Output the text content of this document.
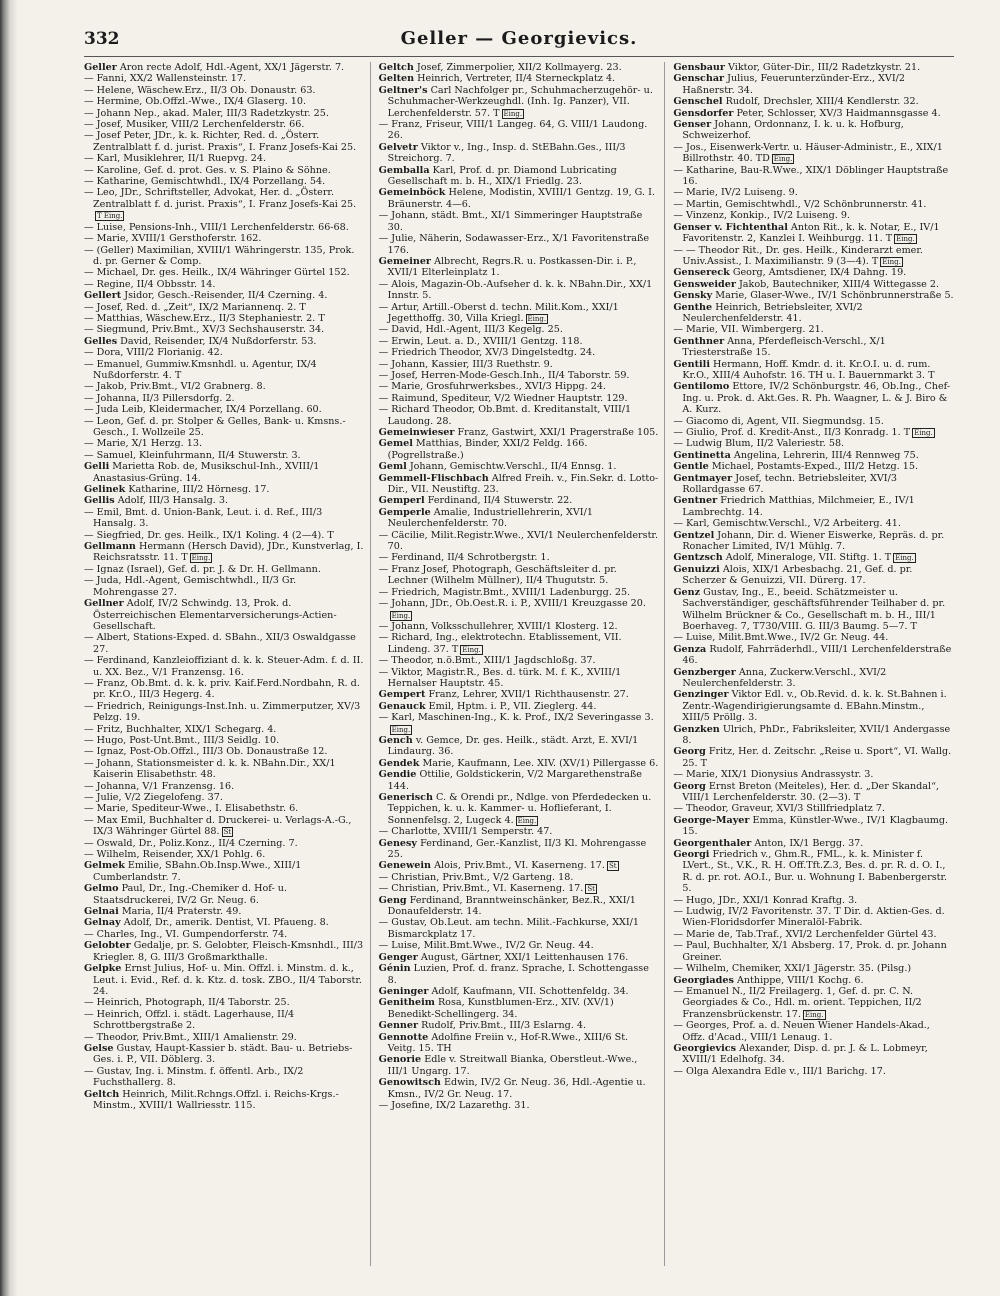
332	Geller — Georgievics.

Geller Aron recte Adolf, Hdl.-Agent, XX/1 Jägerstr. 7.

— Fanni, XX/2 Wallensteinstr. 17.

— Helene, Wäschew.Erz., II/3 Ob. Donaustr. 63.

— Hermine, Ob.Offzl.-Wwe., IX/4 Glaserg. 10.

— Johann Nep., akad. Maler, III/3 Radetzkystr. 25.

— Josef, Musiker, VIII/2 Lerchenfelderstr. 66.

— Josef Peter, JDr., k. k. Richter, Red. d. „Österr. Zentralblatt f. d. jurist. Praxis“, I. Franz Josefs-Kai 25.

— Karl, Musiklehrer, II/1 Ruepvg. 24.

— Karoline, Gef. d. prot. Ges. v. S. Plaino & Söhne.

— Katharine, Gemischtwhdl., IX/4 Porzellang. 54.

— Leo, JDr., Schriftsteller, Advokat, Her. d. „Österr. Zentralblatt f. d. jurist. Praxis“, I. Franz Josefs-Kai 25.T Eing.

— Luise, Pensions-Inh., VIII/1 Lerchenfelderstr. 66-68.

— Marie, XVIII/1 Gersthoferstr. 162.

— (Geller) Maximilian, XVIII/1 Währingerstr. 135, Prok. d. pr. Gerner & Comp.

— Michael, Dr. ges. Heilk., IX/4 Währinger Gürtel 152.

— Regine, II/4 Obbsstr. 14.

Gellert Jsidor, Gesch.-Reisender, II/4 Czerning. 4.

— Josef, Red. d. „Zeit“, IX/2 Mariannenq. 2. T

— Matthias, Wäschew.Erz., II/3 Stephaniestr. 2. T

— Siegmund, Priv.Bmt., XV/3 Sechshauserstr. 34.

Gelles David, Reisender, IX/4 Nußdorferstr. 53.

— Dora, VIII/2 Florianig. 42.

— Emanuel, Gummiw.Kmsnhdl. u. Agentur, IX/4 Nußdorferstr. 4. T

— Jakob, Priv.Bmt., VI/2 Grabnerg. 8.

— Johanna, II/3 Pillersdorfg. 2.

— Juda Leib, Kleidermacher, IX/4 Porzellang. 60.

— Leon, Gef. d. pr. Stolper & Gelles, Bank- u. Kmsns.-Gesch., I. Wollzeile 25.

— Marie, X/1 Herzg. 13.

— Samuel, Kleinfuhrmann, II/4 Stuwerstr. 3.

Gelli Marietta Rob. de, Musikschul-Inh., XVIII/1 Anastasius-Grüng. 14.

Gelinek Katharine, III/2 Hörnesg. 17.

Gellis Adolf, III/3 Hansalg. 3.

— Emil, Bmt. d. Union-Bank, Leut. i. d. Ref., III/3 Hansalg. 3.

— Siegfried, Dr. ges. Heilk., IX/1 Koling. 4 (2—4). T

Gellmann Hermann (Hersch David), JDr., Kunstverlag, I. Reichsratsstr. 11. T Eing.

— Ignaz (Israel), Gef. d. pr. J. & Dr. H. Gellmann.

— Juda, Hdl.-Agent, Gemischtwhdl., II/3 Gr. Mohrengasse 27.

Gellner Adolf, IV/2 Schwindg. 13, Prok. d. Österreichischen Elementarversicherungs-Actien-Gesellschaft.

— Albert, Stations-Exped. d. SBahn., XII/3 Oswaldgasse 27.

— Ferdinand, Kanzleioffiziant d. k. k. Steuer-Adm. f. d. II. u. XX. Bez., V/1 Franzensg. 16.

— Franz, Ob.Bmt. d. k. k. priv. Kaif.Ferd.Nordbahn, R. d. pr. Kr.O., III/3 Hegerg. 4.

— Friedrich, Reinigungs-Inst.Inh. u. Zimmerputzer, XV/3 Pelzg. 19.

— Fritz, Buchhalter, XIX/1 Schegarg. 4.

— Hugo, Post-Unt.Bmt., III/3 Seidlg. 10.

— Ignaz, Post-Ob.Offzl., III/3 Ob. Donaustraße 12.

— Johann, Stationsmeister d. k. k. NBahn.Dir., XX/1 Kaiserin Elisabethstr. 48.

— Johanna, V/1 Franzensg. 16.

— Julie, V/2 Ziegelofeng. 37.

— Marie, Spediteur-Wwe., I. Elisabethstr. 6.

— Max Emil, Buchhalter d. Druckerei- u. Verlags-A.-G., IX/3 Währinger Gürtel 88. St

— Oswald, Dr., Poliz.Konz., II/4 Czerning. 7.

— Wilhelm, Reisender, XX/1 Pohlg. 6.

Gelmek Emilie, SBahn.Ob.Insp.Wwe., XIII/1 Cumberlandstr. 7.

Gelmo Paul, Dr., Ing.-Chemiker d. Hof- u. Staatsdruckerei, IV/2 Gr. Neug. 6.

Gelnai Maria, II/4 Praterstr. 49.

Gelnay Adolf, Dr., amerik. Dentist, VI. Pfaueng. 8.

— Charles, Ing., VI. Gumpendorferstr. 74.

Gelobter Gedalje, pr. S. Gelobter, Fleisch-Kmsnhdl., III/3 Kriegler. 8, G. III/3 Großmarkthalle.

Gelpke Ernst Julius, Hof- u. Min. Offzl. i. Minstm. d. k., Leut. i. Evid., Ref. d. k. Ktz. d. tosk. ZBO., II/4 Taborstr. 24.

— Heinrich, Photograph, II/4 Taborstr. 25.

— Heinrich, Offzl. i. städt. Lagerhause, II/4 Schrottbergstraße 2.

— Theodor, Priv.Bmt., XIII/1 Amalienstr. 29.

Gelse Gustav, Haupt-Kassier b. städt. Bau- u. Betriebs-Ges. i. P., VII. Döblerg. 3.

— Gustav, Ing. i. Minstm. f. öffentl. Arb., IX/2 Fuchsthallerg. 8.

Geltch Heinrich, Milit.Rchngs.Offzl. i. Reichs-Krgs.-Minstm., XVIII/1 Wallriesstr. 115.

Geltch Josef, Zimmerpolier, XII/2 Kollmayerg. 23.

Gelten Heinrich, Vertreter, II/4 Sterneckplatz 4.

Geltner's Carl Nachfolger pr., Schuhmacherzugehör- u. Schuhmacher-Werkzeughdl. (Inh. Ig. Panzer), VII. Lerchenfelderstr. 57. T Eing.

— Franz, Friseur, VIII/1 Langeg. 64, G. VIII/1 Laudong. 26.

Gelvetr Viktor v., Ing., Insp. d. StEBahn.Ges., III/3 Streichorg. 7.

Gemballa Karl, Prof. d. pr. Diamond Lubricating Gesellschaft m. b. H., XIX/1 Friedlg. 23.

Gemeinböck Helene, Modistin, XVIII/1 Gentzg. 19, G. I. Bräunerstr. 4—6.

— Johann, städt. Bmt., XI/1 Simmeringer Hauptstraße 30.

— Julie, Näherin, Sodawasser-Erz., X/1 Favoritenstraße 176.

Gemeiner Albrecht, Regrs.R. u. Postkassen-Dir. i. P., XVII/1 Elterleinplatz 1.

— Alois, Magazin-Ob.-Aufseher d. k. k. NBahn.Dir., XX/1 Innstr. 5.

— Artur, Artill.-Oberst d. techn. Milit.Kom., XXI/1 Jegetthoffg. 30, Villa Kriegl. Eing.

— David, Hdl.-Agent, III/3 Kegelg. 25.

— Erwin, Leut. a. D., XVIII/1 Gentzg. 118.

— Friedrich Theodor, XV/3 Dingelstedtg. 24.

— Johann, Kassier, III/3 Ruethstr. 9.

— Josef, Herren-Mode-Gesch.Inh., II/4 Taborstr. 59.

— Marie, Grosfuhrwerksbes., XVI/3 Hippg. 24.

— Raimund, Spediteur, V/2 Wiedner Hauptstr. 129.

— Richard Theodor, Ob.Bmt. d. Kreditanstalt, VIII/1 Laudong. 28.

Gemeinwieser Franz, Gastwirt, XXI/1 Pragerstraße 105.

Gemel Matthias, Binder, XXI/2 Feldg. 166. (Pogrellstraße.)

Geml Johann, Gemischtw.Verschl., II/4 Ennsg. 1.

Gemmell-Flischbach Alfred Freih. v., Fin.Sekr. d. Lotto-Dir., VII. Neustiftg. 23.

Gemperl Ferdinand, II/4 Stuwerstr. 22.

Gemperle Amalie, Industriellehrerin, XVI/1 Neulerchenfelderstr. 70.

— Cäcilie, Milit.Registr.Wwe., XVI/1 Neulerchenfelderstr. 70.

— Ferdinand, II/4 Schrotbergstr. 1.

— Franz Josef, Photograph, Geschäftsleiter d. pr. Lechner (Wilhelm Müllner), II/4 Thugutstr. 5.

— Friedrich, Magistr.Bmt., XVIII/1 Ladenburgg. 25.

— Johann, JDr., Ob.Oest.R. i. P., XVIII/1 Kreuzgasse 20.Eing.

— Johann, Volksschullehrer, XVIII/1 Klosterg. 12.

— Richard, Ing., elektrotechn. Etablissement, VII. Lindeng. 37. T Eing.

— Theodor, n.ö.Bmt., XIII/1 Jagdschloßg. 37.

— Viktor, Magistr.R., Bes. d. türk. M. f. K., XVIII/1 Hernalser Hauptstr. 45.

Gempert Franz, Lehrer, XVII/1 Richthausenstr. 27.

Genauck Emil, Hptm. i. P., VII. Zieglerg. 44.

— Karl, Maschinen-Ing., K. k. Prof., IX/2 Severingasse 3.Eing.

Gench v. Gemce, Dr. ges. Heilk., städt. Arzt, E. XVI/1 Lindaurg. 36.

Gendek Marie, Kaufmann, Lee. XIV. (XV/1) Pillergasse 6.

Gendie Ottilie, Goldstickerin, V/2 Margarethenstraße 144.

Generisch C. & Orendi pr., Ndlge. von Pferdedecken u. Teppichen, k. u. k. Kammer- u. Hoflieferant, I. Sonnenfelsg. 2, Lugeck 4. Eing.

— Charlotte, XVIII/1 Semperstr. 47.

Genesy Ferdinand, Ger.-Kanzlist, II/3 Kl. Mohrengasse 25.

Genewein Alois, Priv.Bmt., VI. Kaserneng. 17. St

— Christian, Priv.Bmt., V/2 Garteng. 18.

— Christian, Priv.Bmt., VI. Kaserneng. 17. St

Geng Ferdinand, Branntweinschänker, Bez.R., XXI/1 Donaufelderstr. 14.

— Gustav, Ob.Leut. am techn. Milit.-Fachkurse, XXI/1 Bismarckplatz 17.

— Luise, Milit.Bmt.Wwe., IV/2 Gr. Neug. 44.

Genger August, Gärtner, XXI/1 Leittenhausen 176.

Génin Luzien, Prof. d. franz. Sprache, I. Schottengasse 8.

Geninger Adolf, Kaufmann, VII. Schottenfeldg. 34.

Genitheim Rosa, Kunstblumen-Erz., XIV. (XV/1) Benedikt-Schellingerg. 34.

Genner Rudolf, Priv.Bmt., III/3 Eslarng. 4.

Gennotte Adolfine Freiin v., Hof-R.Wwe., XIII/6 St. Veitg. 15. TH

Genorie Edle v. Streitwall Bianka, Oberstleut.-Wwe., III/1 Ungarg. 17.

Genowitsch Edwin, IV/2 Gr. Neug. 36, Hdl.-Agentie u. Kmsn., IV/2 Gr. Neug. 17.

— Josefine, IX/2 Lazarethg. 31.

Gensbaur Viktor, Güter-Dir., III/2 Radetzkystr. 21.

Genschar Julius, Feuerunterzünder-Erz., XVI/2 Haßnerstr. 34.

Genschel Rudolf, Drechsler, XIII/4 Kendlerstr. 32.

Gensdorfer Peter, Schlosser, XV/3 Haidmannsgasse 4.

Genser Johann, Ordonnanz, I. k. u. k. Hofburg, Schweizerhof.

— Jos., Eisenwerk-Vertr. u. Häuser-Administr., E., XIX/1 Billrothstr. 40. TD Eing.

— Katharine, Bau-R.Wwe., XIX/1 Döblinger Hauptstraße 16.

— Marie, IV/2 Luiseng. 9.

— Martin, Gemischtwhdl., V/2 Schönbrunnerstr. 41.

— Vinzenz, Konkip., IV/2 Luiseng. 9.

Genser v. Fichtenthal Anton Rit., k. k. Notar, E., IV/1 Favoritenstr. 2, Kanzlei I. Weihburgg. 11. T Eing.

— — Theodor Rit., Dr. ges. Heilk., Kinderarzt emer. Univ.Assist., I. Maximilianstr. 9 (3—4). T Eing.

Gensereck Georg, Amtsdiener, IX/4 Dahng. 19.

Gensweider Jakob, Bautechniker, XIII/4 Wittegasse 2.

Gensky Marie, Glaser-Wwe., IV/1 Schönbrunnerstraße 5.

Genthe Heinrich, Betriebsleiter, XVI/2 Neulerchenfelderstr. 41.

— Marie, VII. Wimbergerg. 21.

Genthner Anna, Pferdefleisch-Verschl., X/1 Triesterstraße 15.

Gentili Hermann, Hoff. Kmdr. d. it. Kr.O.I. u. d. rum. Kr.O., XIII/4 Auhofstr. 16. TH u. I. Bauernmarkt 3. T

Gentilomo Ettore, IV/2 Schönburgstr. 46, Ob.Ing., Chef-Ing. u. Prok. d. Akt.Ges. R. Ph. Waagner, L. & J. Biro & A. Kurz.

— Giacomo di, Agent, VII. Siegmundsg. 15.

— Giulio, Prof. d. Kredit-Anst., II/3 Konradg. 1. T Eing.

— Ludwig Blum, II/2 Valeriestr. 58.

Gentinetta Angelina, Lehrerin, III/4 Rennweg 75.

Gentle Michael, Postamts-Exped., III/2 Hetzg. 15.

Gentmayer Josef, techn. Betriebsleiter, XVI/3 Rollardgasse 67.

Gentner Friedrich Matthias, Milchmeier, E., IV/1 Lambrechtg. 14.

— Karl, Gemischtw.Verschl., V/2 Arbeiterg. 41.

Gentzel Johann, Dir. d. Wiener Eiswerke, Repräs. d. pr. Ronacher Limited, IV/1 Mühlg. 7.

Gentzsch Adolf, Mineraloge, VII. Stiftg. 1. T Eing.

Genuizzi Alois, XIX/1 Arbesbachg. 21, Gef. d. pr. Scherzer & Genuizzi, VII. Dürerg. 17.

Genz Gustav, Ing., E., beeid. Schätzmeister u. Sachverständiger, geschäftsführender Teilhaber d. pr. Wilhelm Brückner & Co., Gesellschaft m. b. H., III/1 Boerhaveg. 7, T730/VIII. G. III/3 Baumg. 5—7. T

— Luise, Milit.Bmt.Wwe., IV/2 Gr. Neug. 44.

Genza Rudolf, Fahrräderhdl., VIII/1 Lerchenfelderstraße 46.

Genzberger Anna, Zuckerw.Verschl., XVI/2 Neulerchenfelderstr. 3.

Genzinger Viktor Edl. v., Ob.Revid. d. k. k. St.Bahnen i. Zentr.-Wagendirigierungsamte d. EBahn.Minstm., XIII/5 Pröllg. 3.

Genzken Ulrich, PhDr., Fabriksleiter, XVII/1 Andergasse 8.

Georg Fritz, Her. d. Zeitschr. „Reise u. Sport“, VI. Wallg. 25. T

— Marie, XIX/1 Dionysius Andrassystr. 3.

Georg Ernst Breton (Meiteles), Her. d. „Der Skandal“, VIII/1 Lerchenfelderstr. 30. (2—3). T

— Theodor, Graveur, XVI/3 Stillfriedplatz 7.

George-Mayer Emma, Künstler-Wwe., IV/1 Klagbaumg. 15.

Georgenthaler Anton, IX/1 Bergg. 37.

Georgi Friedrich v., Ghm.R., FML., k. k. Minister f. LVert., St., V.K., R. H. Off.Tft.Z.3, Bes. d. pr. R. d. O. I., R. d. pr. rot. AO.I., Bur. u. Wohnung I. Babenbergerstr. 5.

— Hugo, JDr., XXI/1 Konrad Kraftg. 3.

— Ludwig, IV/2 Favoritenstr. 37. T Dir. d. Aktien-Ges. d. Wien-Floridsdorfer Mineralöl-Fabrik.

— Marie de, Tab.Traf., XVI/2 Lerchenfelder Gürtel 43.

— Paul, Buchhalter, X/1 Absberg. 17, Prok. d. pr. Johann Greiner.

— Wilhelm, Chemiker, XXI/1 Jägerstr. 35. (Pilsg.)

Georgiades Anthippe, VIII/1 Kochg. 6.

— Emanuel N., II/2 Freilagerg. 1, Gef. d. pr. C. N. Georgiades & Co., Hdl. m. orient. Teppichen, II/2 Franzensbrückenstr. 17. Eing.

— Georges, Prof. a. d. Neuen Wiener Handels-Akad., Offz. d'Acad., VIII/1 Lenaug. 1.

Georgievics Alexander, Disp. d. pr. J. & L. Lobmeyr, XVIII/1 Edelhofg. 34.

— Olga Alexandra Edle v., III/1 Barichg. 17.
